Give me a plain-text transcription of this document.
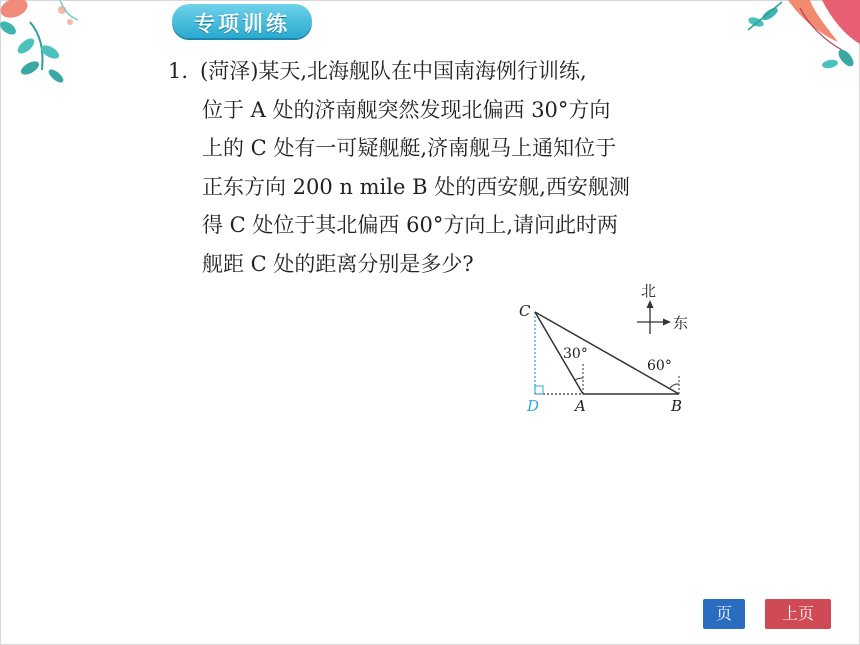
专项训练
1. (菏泽)某天,北海舰队在中国南海例行训练,
位于 A 处的济南舰突然发现北偏西 30°方向
上的 C 处有一可疑舰艇,济南舰马上通知位于
正东方向 200 n mile B 处的西安舰,西安舰测
得 C 处位于其北偏西 60°方向上,请问此时两
舰距 C 处的距离分别是多少?
C
D A	B
30°
60°
北
东
页	上页
